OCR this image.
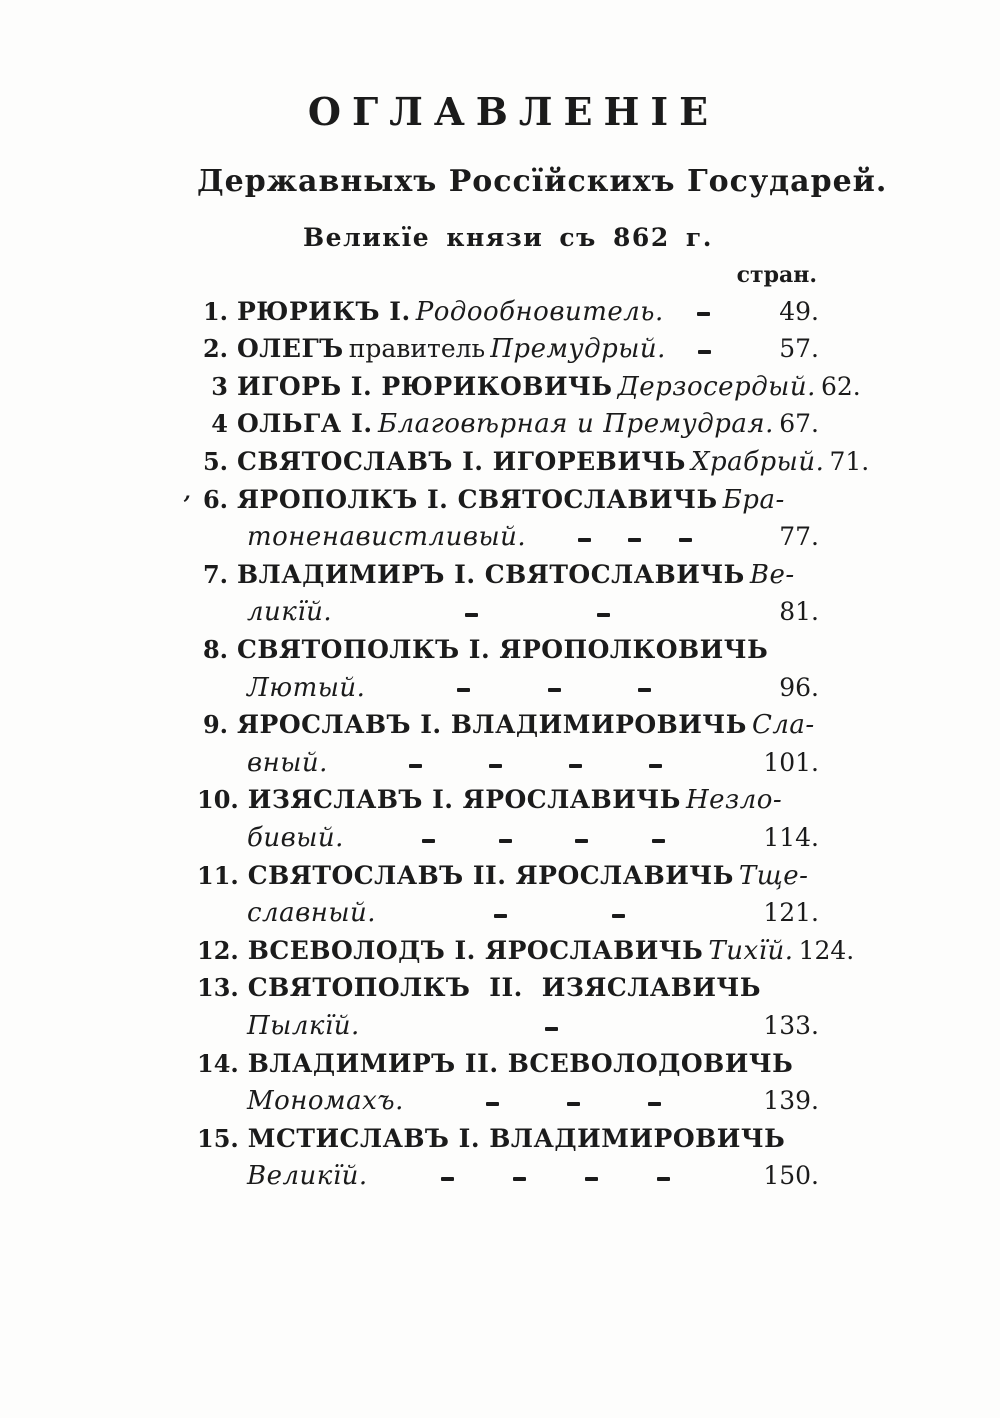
’
ОГЛАВЛЕНІЕ
Державныхъ Россїйскихъ Государей.
Великїе князи съ 862 г.
стран.
1. РЮРИКЪ I. Родообновитель.	49.
2. ОЛЕГЪ правитель Премудрый.	57.
3 ИГОРЬ I. РЮРИКОВИЧЬ Дерзосердый. 62.
4 ОЛЬГА I. Благовѣрная и Премудрая. 67.
5. СВЯТОСЛАВЪ I. ИГОРЕВИЧЬ Храбрый. 71.
6. ЯРОПОЛКЪ I. СВЯТОСЛАВИЧЬ Бра-
тоненавистливый.	77.
7. ВЛАДИМИРЪ I. СВЯТОСЛАВИЧЬ Ве-
ликїй.	81.
8. СВЯТОПОЛКЪ I. ЯРОПОЛКОВИЧЬ
Лютый.	96.
9. ЯРОСЛАВЪ I. ВЛАДИМИРОВИЧЬ Сла-
вный.	101.
10. ИЗЯСЛАВЪ I. ЯРОСЛАВИЧЬ Незло-
бивый.	114.
11. СВЯТОСЛАВЪ II. ЯРОСЛАВИЧЬ Тще-
славный.	121.
12. ВСЕВОЛОДЪ I. ЯРОСЛАВИЧЬ Тихїй. 124.
13. СВЯТОПОЛКЪ II. ИЗЯСЛАВИЧЬ
Пылкїй.	133.
14. ВЛАДИМИРЪ II. ВСЕВОЛОДОВИЧЬ
Мономахъ.	139.
15. МСТИСЛАВЪ I. ВЛАДИМИРОВИЧЬ
Великїй.	150.
